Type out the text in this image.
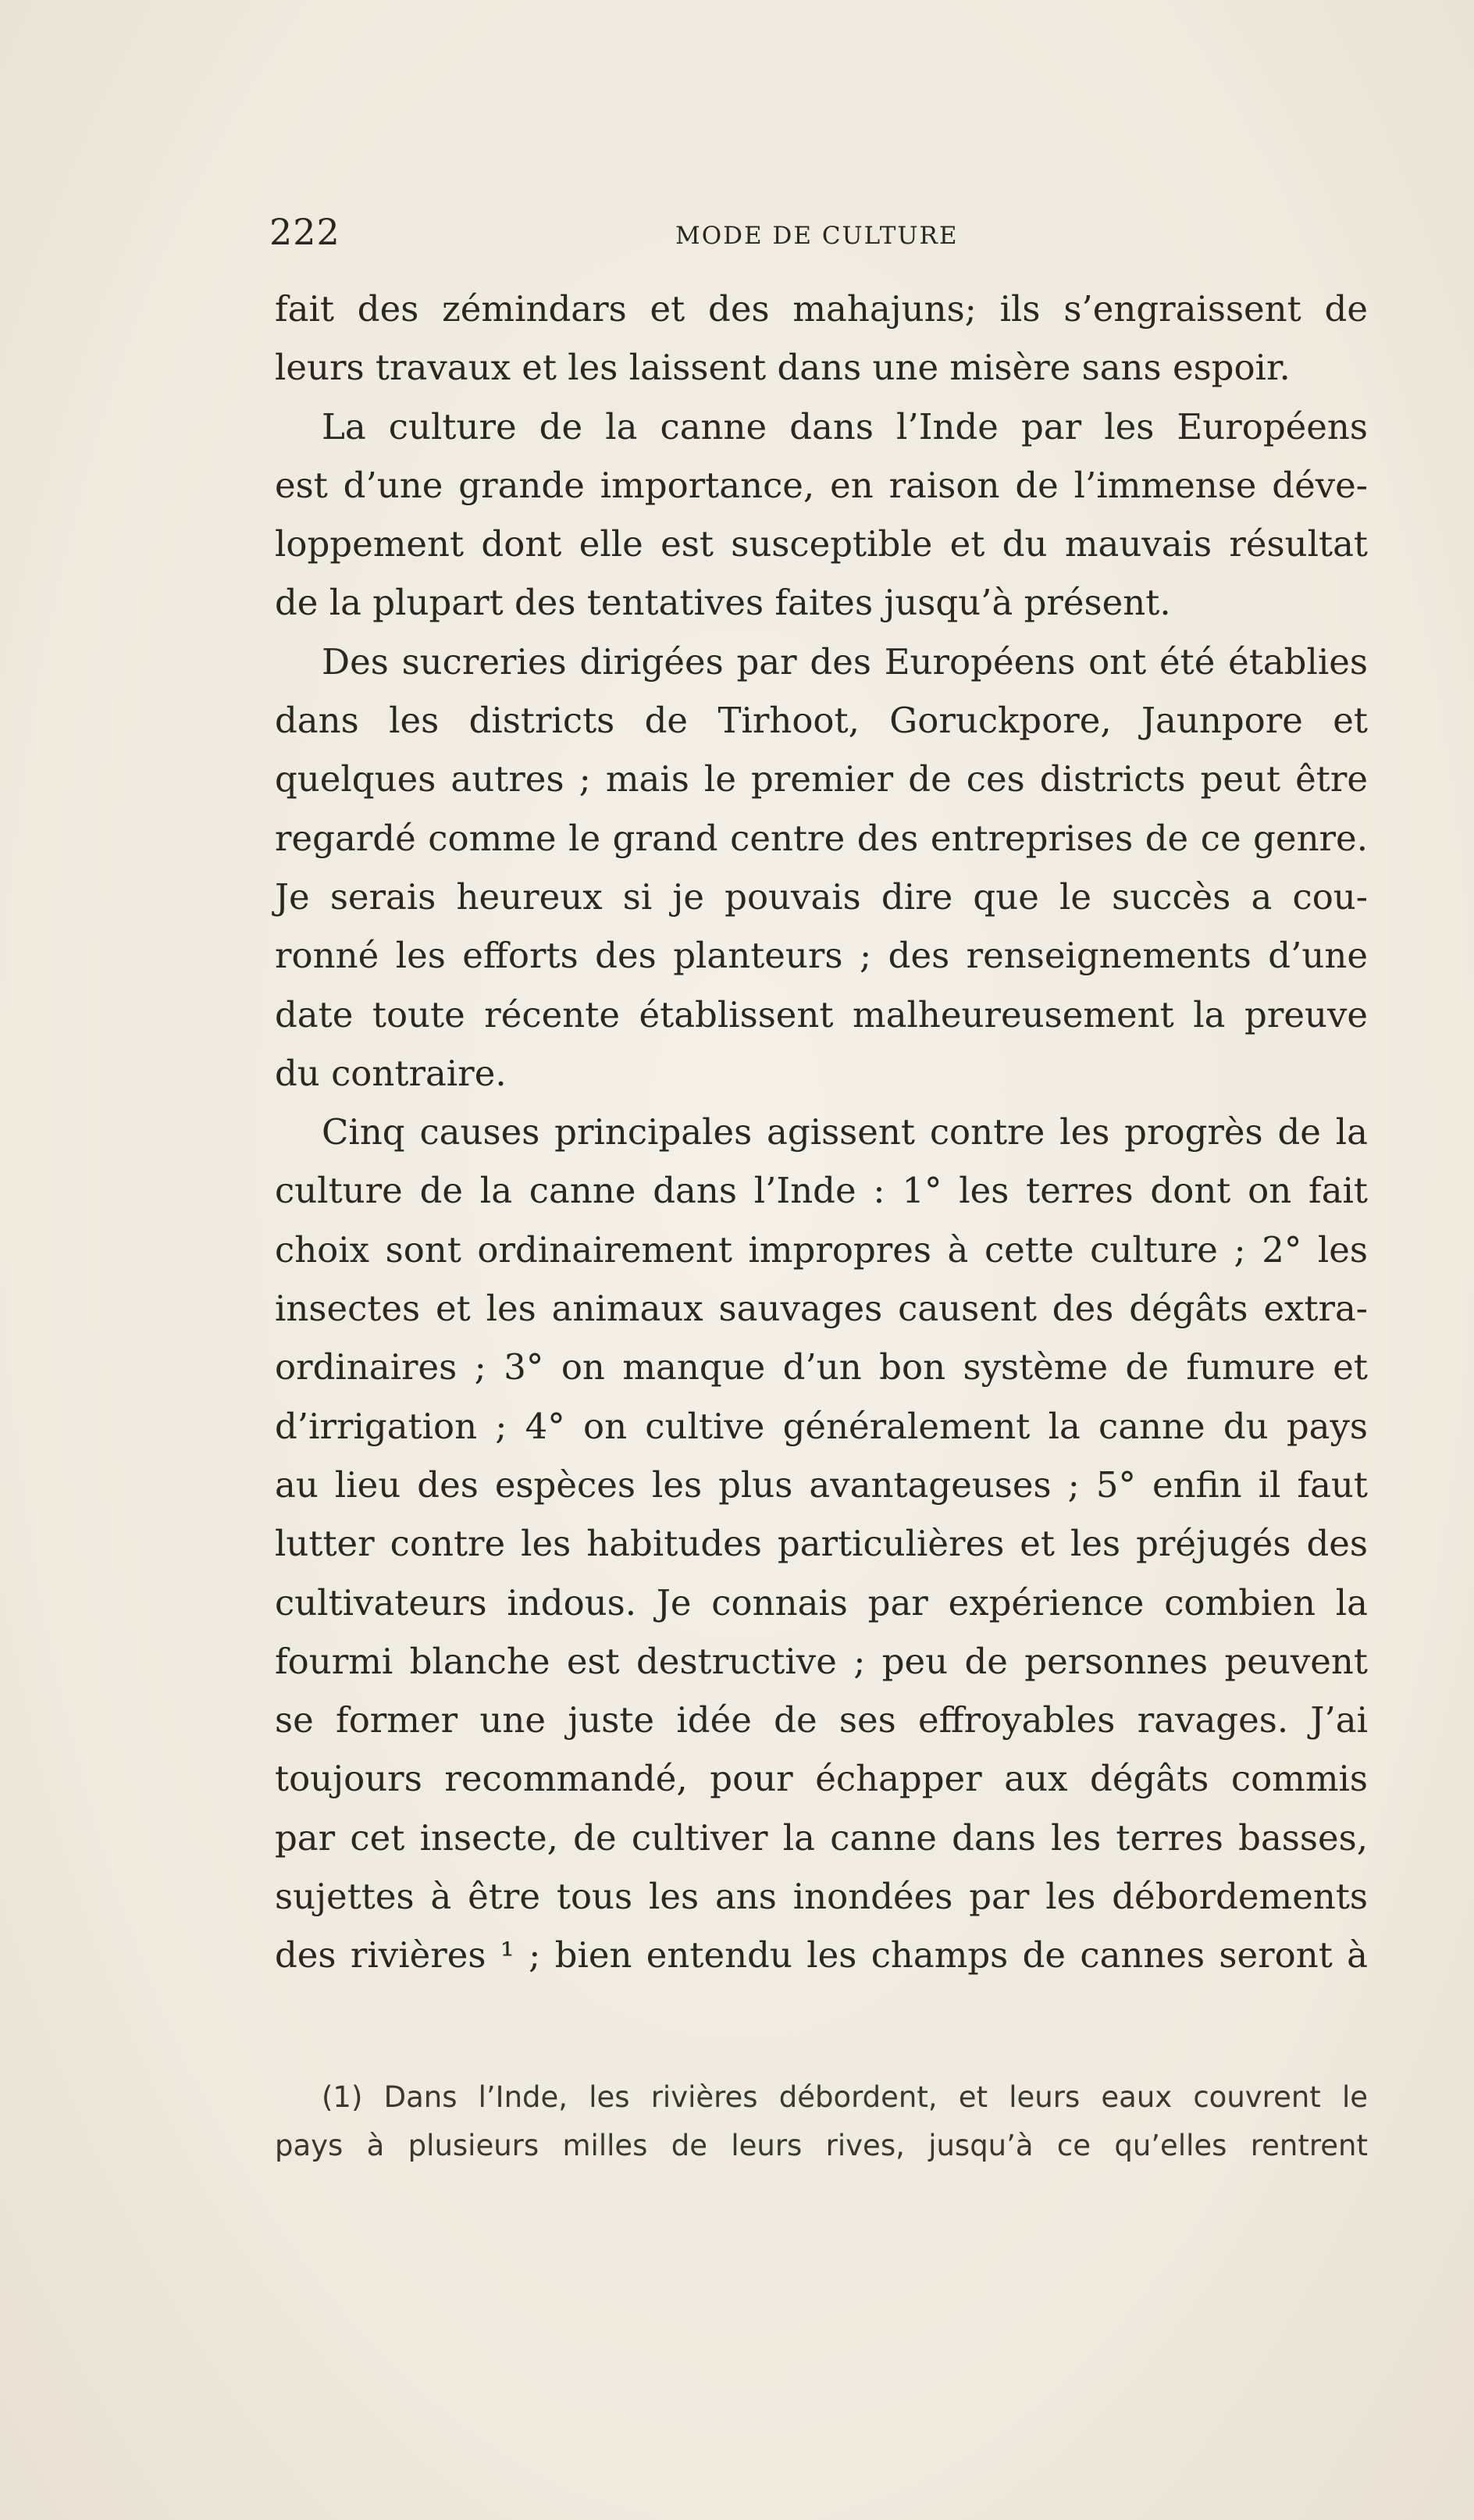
222	MODE DE CULTURE
fait des zémindars et des mahajuns; ils s’engraissent de
leurs travaux et les laissent dans une misère sans espoir.
La culture de la canne dans l’Inde par les Européens
est d’une grande importance, en raison de l’immense déve-
loppement dont elle est susceptible et du mauvais résultat
de la plupart des tentatives faites jusqu’à présent.
Des sucreries dirigées par des Européens ont été établies
dans les districts de Tirhoot, Goruckpore, Jaunpore et
quelques autres ; mais le premier de ces districts peut être
regardé comme le grand centre des entreprises de ce genre.
Je serais heureux si je pouvais dire que le succès a cou-
ronné les efforts des planteurs ; des renseignements d’une
date toute récente établissent malheureusement la preuve
du contraire.
Cinq causes principales agissent contre les progrès de la
culture de la canne dans l’Inde : 1° les terres dont on fait
choix sont ordinairement impropres à cette culture ; 2° les
insectes et les animaux sauvages causent des dégâts extra-
ordinaires ; 3° on manque d’un bon système de fumure et
d’irrigation ; 4° on cultive généralement la canne du pays
au lieu des espèces les plus avantageuses ; 5° enfin il faut
lutter contre les habitudes particulières et les préjugés des
cultivateurs indous. Je connais par expérience combien la
fourmi blanche est destructive ; peu de personnes peuvent
se former une juste idée de ses effroyables ravages. J’ai
toujours recommandé, pour échapper aux dégâts commis
par cet insecte, de cultiver la canne dans les terres basses,
sujettes à être tous les ans inondées par les débordements
des rivières ¹ ; bien entendu les champs de cannes seront à
(1) Dans l’Inde, les rivières débordent, et leurs eaux couvrent le
pays à plusieurs milles de leurs rives, jusqu’à ce qu’elles rentrent
